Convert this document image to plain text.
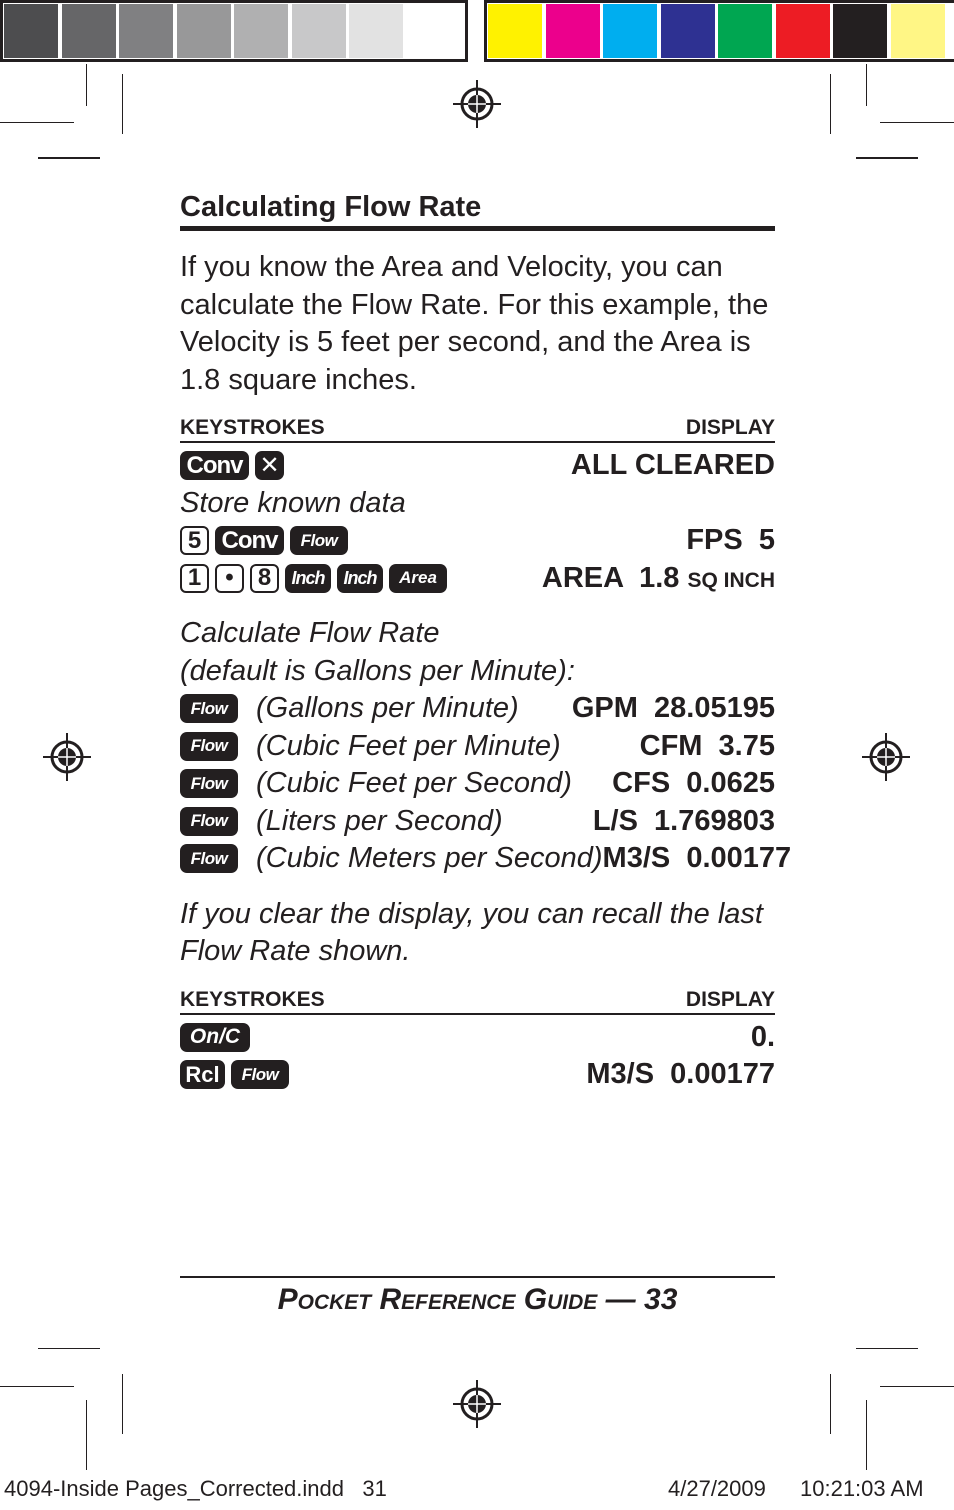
Calculating Flow Rate
If you know the Area and Velocity, you can calculate the Flow Rate. For this example, the Velocity is 5 feet per second, and the Area is 1.8 square inches.
KEYSTROKES	DISPLAY
Conv ✕	ALL CLEARED
Store known data
5 Conv	Flow	FPS  5
1	•	8	Inch	Inch	Area	AREA  1.8 SQ INCH
Calculate Flow Rate
(default is Gallons per Minute):
Flow (Gallons per Minute) GPM  28.05195
Flow (Cubic Feet per Minute)	CFM  3.75
Flow (Cubic Feet per Second) CFS  0.0625
Flow (Liters per Second)	L/S  1.769803
Flow (Cubic Meters per Second) M3/S  0.00177
If you clear the display, you can recall the last Flow Rate shown.
KEYSTROKES	DISPLAY
On/C	0.
Rcl	Flow	M3/S  0.00177
Pocket Reference Guide — 33
4094-Inside Pages_Corrected.indd   31	4/27/2009 10:21:03 AM
